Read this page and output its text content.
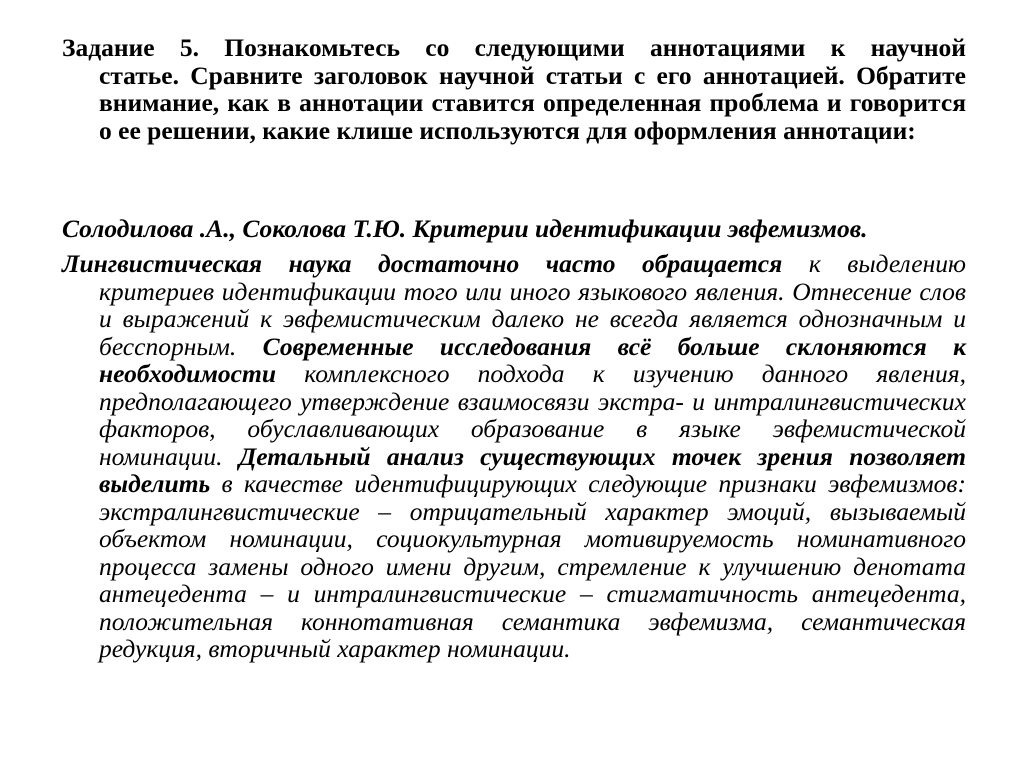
Задание 5. Познакомьтесь со следующими аннотациями к научной
статье. Сравните заголовок научной статьи с его аннотацией. Обратите внимание, как в аннотации ставится определенная проблема и говорится о ее решении, какие клише используются для оформления аннотации:
Солодилова .А., Соколова Т.Ю. Критерии идентификации эвфемизмов.
Лингвистическая наука достаточно часто обращается к выделению критериев идентификации того или иного языкового явления. Отнесение слов и выражений к эвфемистическим далеко не всегда является однозначным и бесспорным. Современные исследования всё больше склоняются к необходимости комплексного подхода к изучению данного явления, предполагающего утверждение взаимосвязи экстра- и интралингвистических факторов, обуславливающих образование в языке эвфемистической номинации. Детальный анализ существующих точек зрения позволяет выделить в качестве идентифицирующих следующие признаки эвфемизмов: экстралингвистические – отрицательный характер эмоций, вызываемый объектом номинации, социокультурная мотивируемость номинативного процесса замены одного имени другим, стремление к улучшению денотата антецедента – и интралингвистические – стигматичность антецедента, положительная коннотативная семантика эвфемизма, семантическая редукция, вторичный характер номинации.
